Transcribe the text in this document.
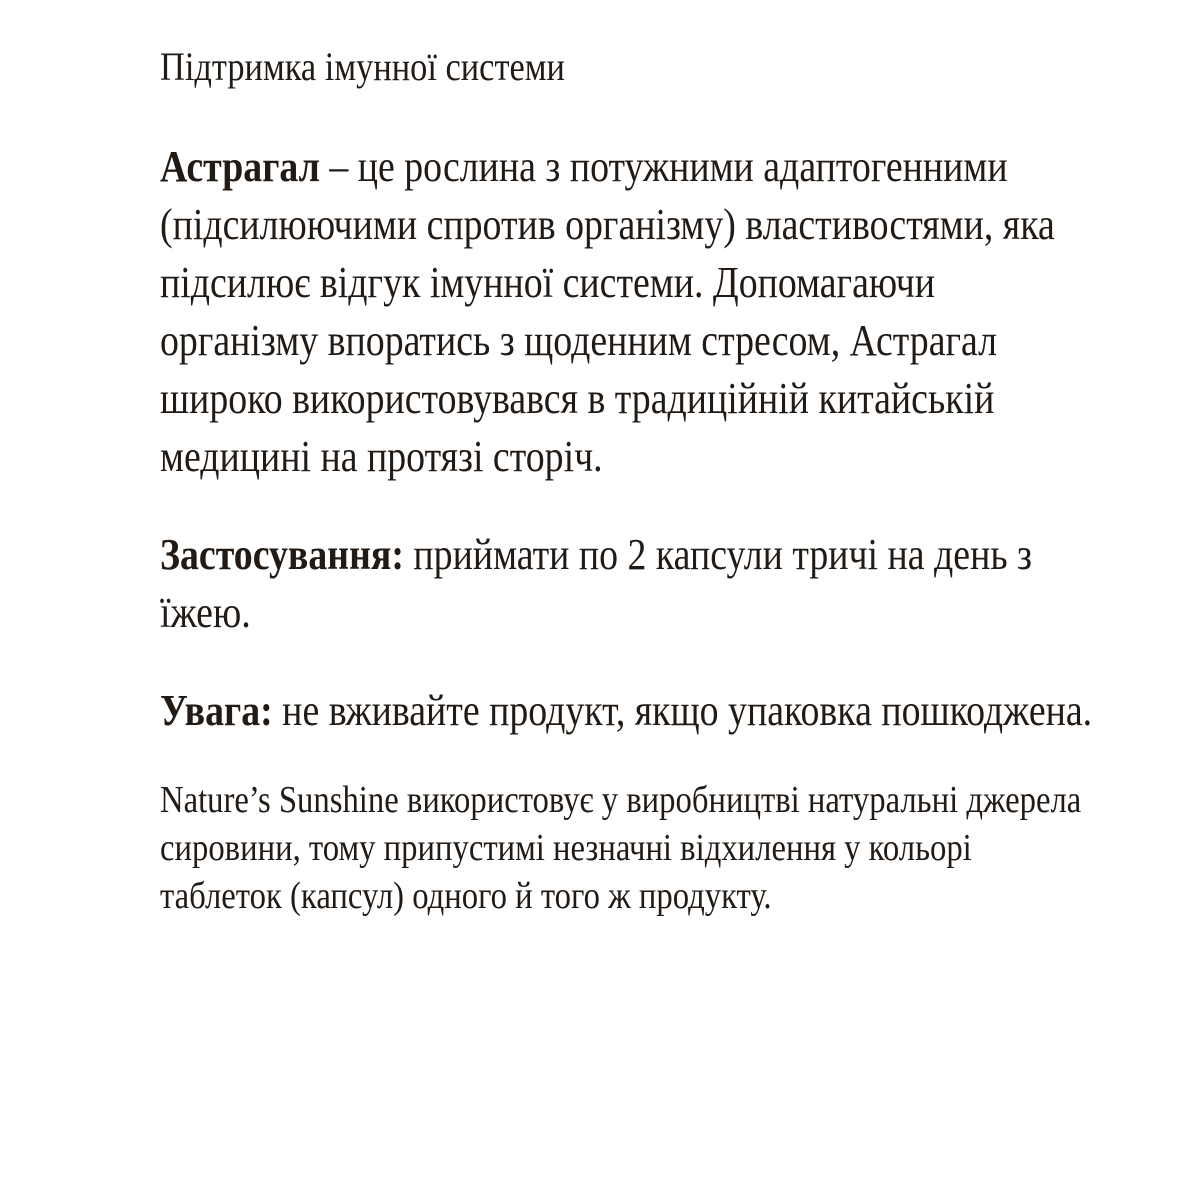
Підтримка імунної системи

Астрагал – це рослина з потужними адаптогенними (підсилюючими спротив організму) властивостями, яка підсилює відгук імунної системи. Допомагаючи організму впоратись з щоденним стресом, Астрагал широко використовувався в традиційній китайській медицині на протязі сторіч.

Застосування: приймати по 2 капсули тричі на день з їжею.

Увага: не вживайте продукт, якщо упаковка пошкоджена.

Nature’s Sunshine використовує у виробництві натуральні джерела сировини, тому припустимі незначні відхилення у кольорі таблеток (капсул) одного й того ж продукту.
